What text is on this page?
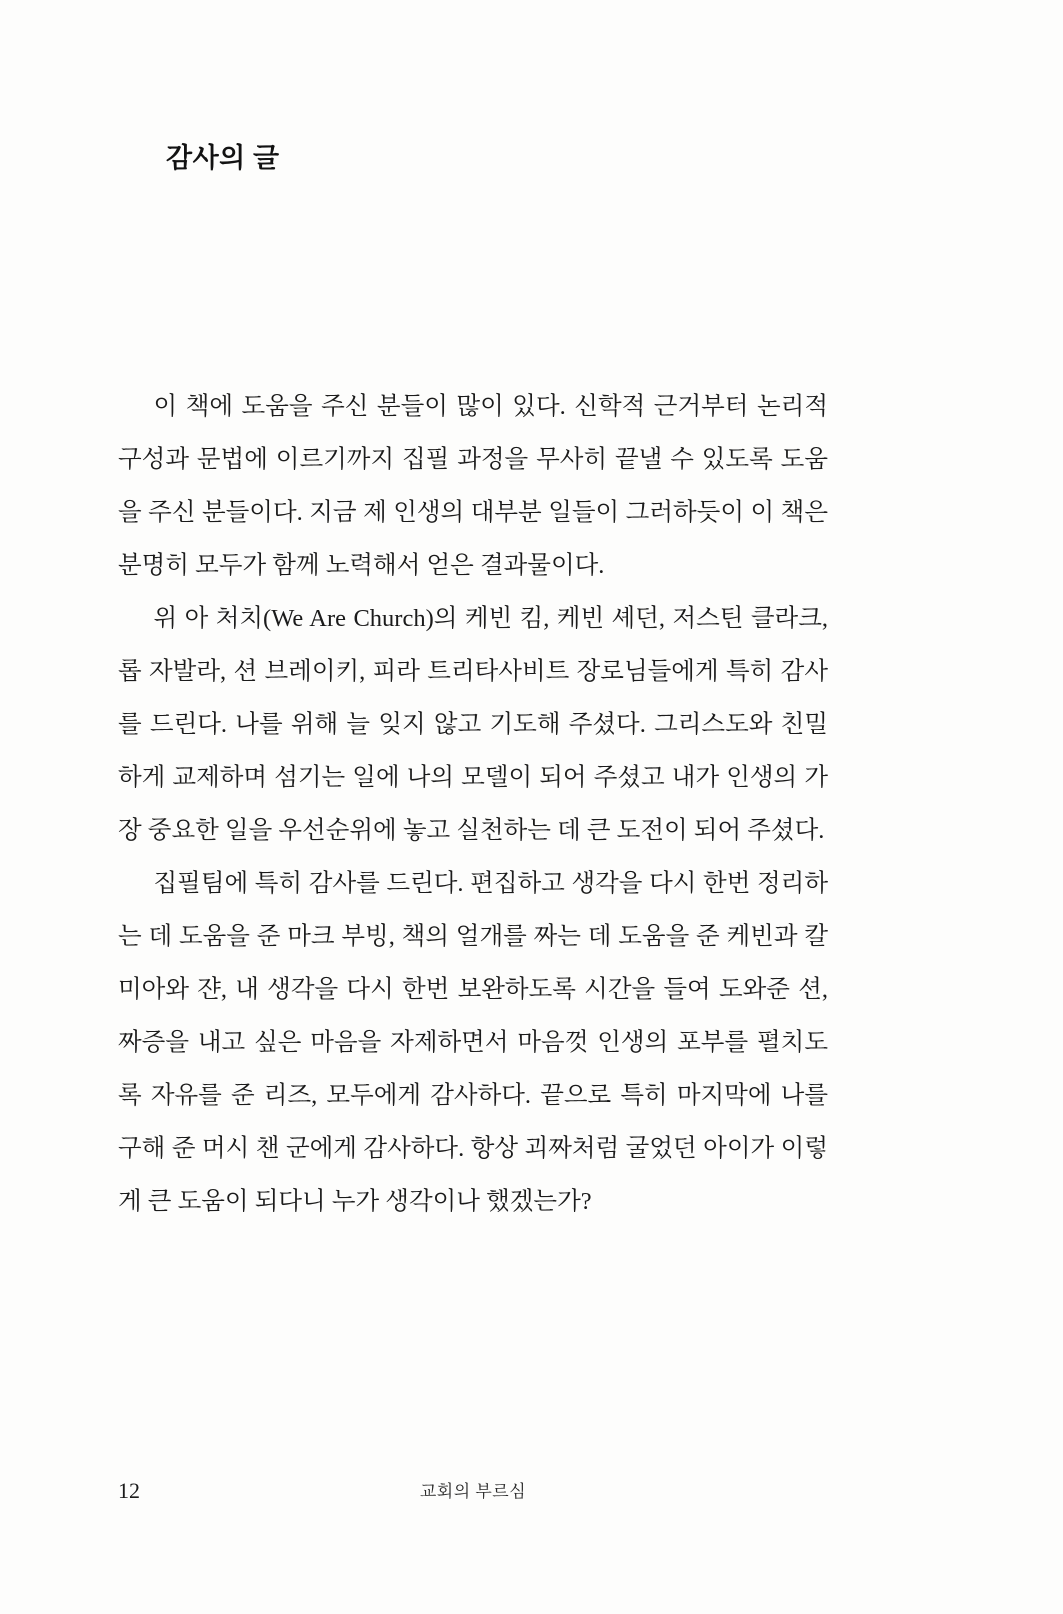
감사의 글

이 책에 도움을 주신 분들이 많이 있다. 신학적 근거부터 논리적 구성과 문법에 이르기까지 집필 과정을 무사히 끝낼 수 있도록 도움을 주신 분들이다. 지금 제 인생의 대부분 일들이 그러하듯이 이 책은 분명히 모두가 함께 노력해서 얻은 결과물이다.

위 아 처치(We Are Church)의 케빈 킴, 케빈 셰던, 저스틴 클라크, 롭 자발라, 션 브레이키, 피라 트리타사비트 장로님들에게 특히 감사를 드린다. 나를 위해 늘 잊지 않고 기도해 주셨다. 그리스도와 친밀하게 교제하며 섬기는 일에 나의 모델이 되어 주셨고 내가 인생의 가장 중요한 일을 우선순위에 놓고 실천하는 데 큰 도전이 되어 주셨다.

집필팀에 특히 감사를 드린다. 편집하고 생각을 다시 한번 정리하는 데 도움을 준 마크 부빙, 책의 얼개를 짜는 데 도움을 준 케빈과 칼미아와 쟌, 내 생각을 다시 한번 보완하도록 시간을 들여 도와준 션, 짜증을 내고 싶은 마음을 자제하면서 마음껏 인생의 포부를 펼치도록 자유를 준 리즈, 모두에게 감사하다. 끝으로 특히 마지막에 나를 구해 준 머시 챈 군에게 감사하다. 항상 괴짜처럼 굴었던 아이가 이렇게 큰 도움이 되다니 누가 생각이나 했겠는가?

12	교회의 부르심
